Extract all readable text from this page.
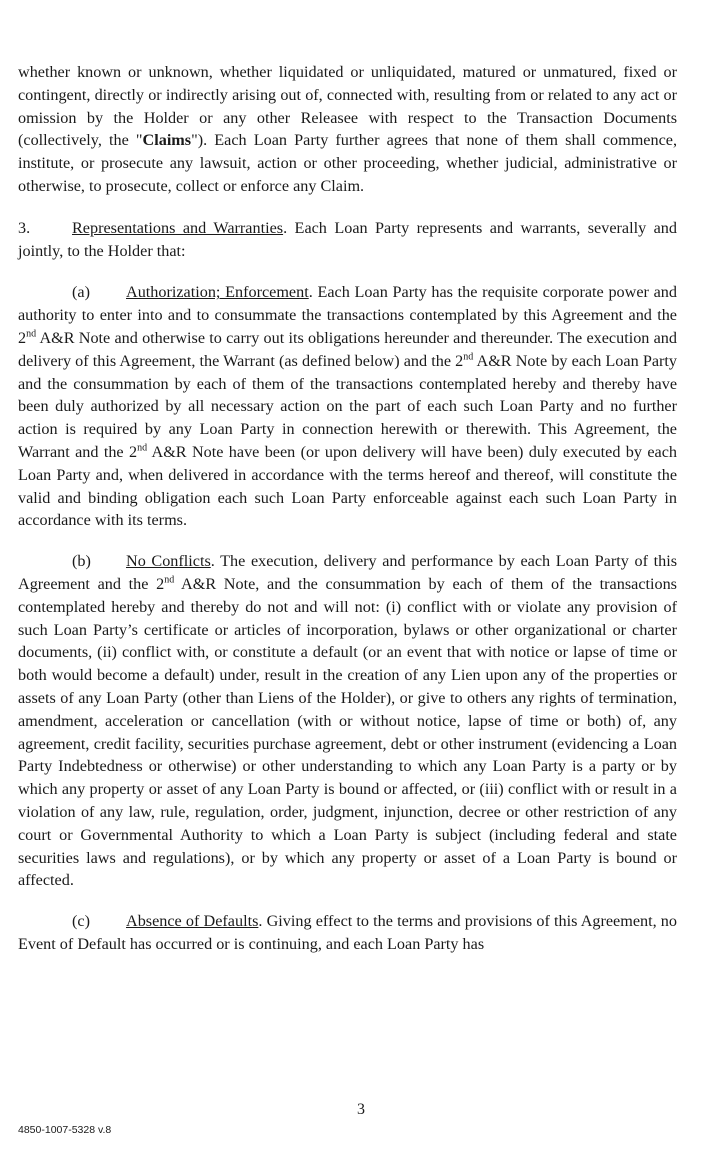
whether known or unknown, whether liquidated or unliquidated, matured or unmatured, fixed or contingent, directly or indirectly arising out of, connected with, resulting from or related to any act or omission by the Holder or any other Releasee with respect to the Transaction Documents (collectively, the "Claims"). Each Loan Party further agrees that none of them shall commence, institute, or prosecute any lawsuit, action or other proceeding, whether judicial, administrative or otherwise, to prosecute, collect or enforce any Claim.

3.	Representations and Warranties. Each Loan Party represents and warrants, severally and jointly, to the Holder that:

(a) Authorization; Enforcement. Each Loan Party has the requisite corporate power and authority to enter into and to consummate the transactions contemplated by this Agreement and the 2nd A&R Note and otherwise to carry out its obligations hereunder and thereunder. The execution and delivery of this Agreement, the Warrant (as defined below) and the 2nd A&R Note by each Loan Party and the consummation by each of them of the transactions contemplated hereby and thereby have been duly authorized by all necessary action on the part of each such Loan Party and no further action is required by any Loan Party in connection herewith or therewith. This Agreement, the Warrant and the 2nd A&R Note have been (or upon delivery will have been) duly executed by each Loan Party and, when delivered in accordance with the terms hereof and thereof, will constitute the valid and binding obligation each such Loan Party enforceable against each such Loan Party in accordance with its terms.

(b) No Conflicts. The execution, delivery and performance by each Loan Party of this Agreement and the 2nd A&R Note, and the consummation by each of them of the transactions contemplated hereby and thereby do not and will not: (i) conflict with or violate any provision of such Loan Party’s certificate or articles of incorporation, bylaws or other organizational or charter documents, (ii) conflict with, or constitute a default (or an event that with notice or lapse of time or both would become a default) under, result in the creation of any Lien upon any of the properties or assets of any Loan Party (other than Liens of the Holder), or give to others any rights of termination, amendment, acceleration or cancellation (with or without notice, lapse of time or both) of, any agreement, credit facility, securities purchase agreement, debt or other instrument (evidencing a Loan Party Indebtedness or otherwise) or other understanding to which any Loan Party is a party or by which any property or asset of any Loan Party is bound or affected, or (iii) conflict with or result in a violation of any law, rule, regulation, order, judgment, injunction, decree or other restriction of any court or Governmental Authority to which a Loan Party is subject (including federal and state securities laws and regulations), or by which any property or asset of a Loan Party is bound or affected.

(c) Absence of Defaults. Giving effect to the terms and provisions of this Agreement, no Event of Default has occurred or is continuing, and each Loan Party has

3
4850-1007-5328 v.8
